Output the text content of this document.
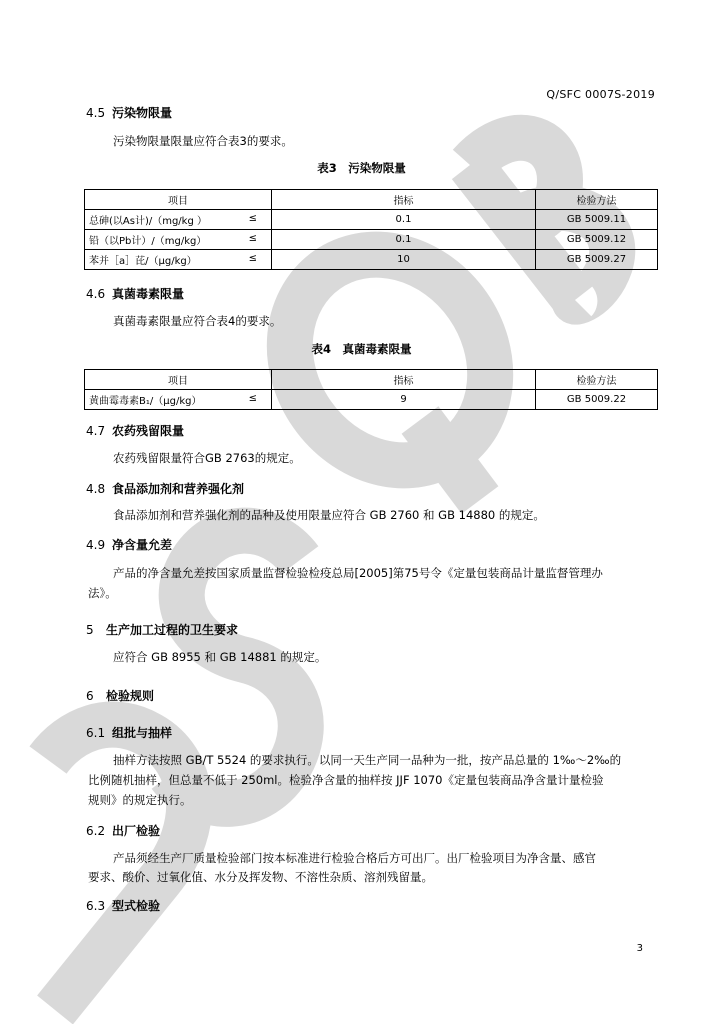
Q/SFC 0007S-2019
4.5 污染物限量
污染物限量限量应符合表3的要求。
表3　污染物限量
项目	指标	检验方法
总砷(以As计)/（mg/kg ） ≤	0.1	GB 5009.11
铅（以Pb计）/（mg/kg） ≤	0.1	GB 5009.12
苯并［a］芘/（μg/kg） ≤	10	GB 5009.27
4.6 真菌毒素限量
真菌毒素限量应符合表4的要求。
表4　真菌毒素限量
项目	指标	检验方法
黄曲霉毒素B₁/（μg/kg） ≤	9	GB 5009.22
4.7 农药残留限量
农药残留限量符合GB 2763的规定。
4.8 食品添加剂和营养强化剂
食品添加剂和营养强化剂的品种及使用限量应符合 GB 2760 和 GB 14880 的规定。
4.9 净含量允差
产品的净含量允差按国家质量监督检验检疫总局[2005]第75号令《定量包装商品计量监督管理办
法》。
5 生产加工过程的卫生要求
应符合 GB 8955 和 GB 14881 的规定。
6 检验规则
6.1 组批与抽样
抽样方法按照 GB/T 5524 的要求执行。以同一天生产同一品种为一批，按产品总量的 1‰～2‰的
比例随机抽样，但总量不低于 250ml。检验净含量的抽样按 JJF 1070《定量包装商品净含量计量检验
规则》的规定执行。
6.2 出厂检验
产品须经生产厂质量检验部门按本标准进行检验合格后方可出厂。出厂检验项目为净含量、感官
要求、酸价、过氧化值、水分及挥发物、不溶性杂质、溶剂残留量。
6.3 型式检验
3
